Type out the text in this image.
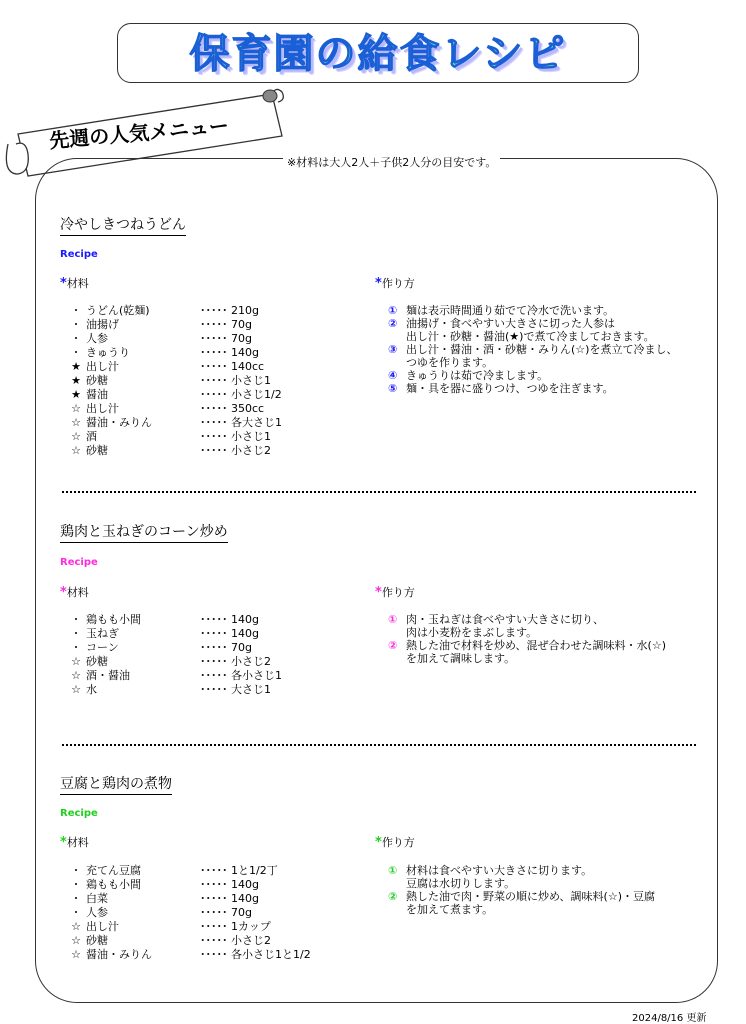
保育園の給食レシピ
先週の人気メニュー
※材料は大人2人＋子供2人分の目安です。
冷やしきつねうどん
Recipe
*材料	*作り方
・ うどん(乾麺)	･････ 210g
・ 油揚げ	･････ 70g
・ 人参	･････ 70g
・ きゅうり	･････ 140g
★ 出し汁	･････ 140cc
★ 砂糖	･････ 小さじ1
★ 醤油	･････ 小さじ1/2
☆ 出し汁	･････ 350cc
☆ 醤油・みりん	･････ 各大さじ1
☆ 酒	･････ 小さじ1
☆ 砂糖	･････ 小さじ2
① 麺は表示時間通り茹でて冷水で洗います。
② 油揚げ・食べやすい大きさに切った人参は
出し汁・砂糖・醤油(★)で煮て冷ましておきます。
③ 出し汁・醤油・酒・砂糖・みりん(☆)を煮立て冷まし、
つゆを作ります。
④ きゅうりは茹で冷まします。
⑤ 麺・具を器に盛りつけ、つゆを注ぎます。
鶏肉と玉ねぎのコーン炒め
Recipe
*材料	*作り方
・ 鶏もも小間	･････ 140g
・ 玉ねぎ	･････ 140g
・ コーン	･････ 70g
☆ 砂糖	･････ 小さじ2
☆ 酒・醤油	･････ 各小さじ1
☆ 水	･････ 大さじ1
① 肉・玉ねぎは食べやすい大きさに切り、
肉は小麦粉をまぶします。
② 熱した油で材料を炒め、混ぜ合わせた調味料・水(☆)
を加えて調味します。
豆腐と鶏肉の煮物
Recipe
*材料	*作り方
・ 充てん豆腐	･････ 1と1/2丁
・ 鶏もも小間	･････ 140g
・ 白菜	･････ 140g
・ 人参	･････ 70g
☆ 出し汁	･････ 1カップ
☆ 砂糖	･････ 小さじ2
☆ 醤油・みりん	･････ 各小さじ1と1/2
① 材料は食べやすい大きさに切ります。
豆腐は水切りします。
② 熱した油で肉・野菜の順に炒め、調味料(☆)・豆腐
を加えて煮ます。
2024/8/16 更新
